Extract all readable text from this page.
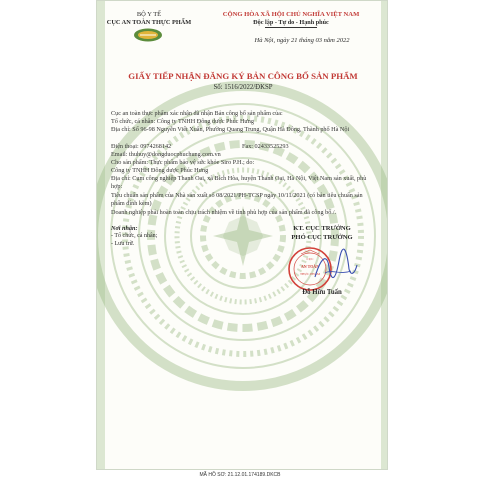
BỘ Y TẾ
CỤC AN TOÀN THỰC PHẨM
CỘNG HÒA XÃ HỘI CHỦ NGHĨA VIỆT NAM
Độc lập - Tự do - Hạnh phúc
Hà Nội, ngày 21 tháng 03 năm 2022
GIẤY TIẾP NHẬN ĐĂNG KÝ BẢN CÔNG BỐ SẢN PHẨM
Số: 1516/2022/ĐKSP
Cục an toàn thực phẩm xác nhận đã nhận Bản công bố sản phẩm của:
Tổ chức, cá nhân: Công ty TNHH Đông dược Phúc Hưng
Địa chỉ: Số 96-98 Nguyễn Viết Xuân, Phường Quang Trung, Quận Hà Đông, Thành phố Hà Nội
Điện thoại: 0974268142	Fax: 02433525293
Email: thuhuy@dongduocphuchung.com.vn
Cho sản phẩm: Thực phẩm bảo vệ sức khỏe Siro P.H.; do:
Công ty TNHH Đông dược Phúc Hưng
Địa chỉ: Cụm công nghiệp Thanh Oai, xã Bích Hòa, huyện Thanh Oai, Hà Nội, Việt Nam sản xuất, phù hợp:
Tiêu chuẩn sản phẩm của Nhà sản xuất số 08/2021/PH-TCSP ngày 10/11/2021 (có bản tiêu chuẩn sản phẩm đính kèm)
Doanh nghiệp phải hoàn toàn chịu trách nhiệm về tính phù hợp của sản phẩm đã công bố./.
Nơi nhận:
- Tổ chức, cá nhân;
- Lưu trữ.
KT. CỤC TRƯỞNG
PHÓ CỤC TRƯỞNG
CỤC
AN TOÀN
THỰC PHẨM
Đỗ Hữu Tuấn
MÃ HỒ SƠ: 21.12.01.174189.DKCB
